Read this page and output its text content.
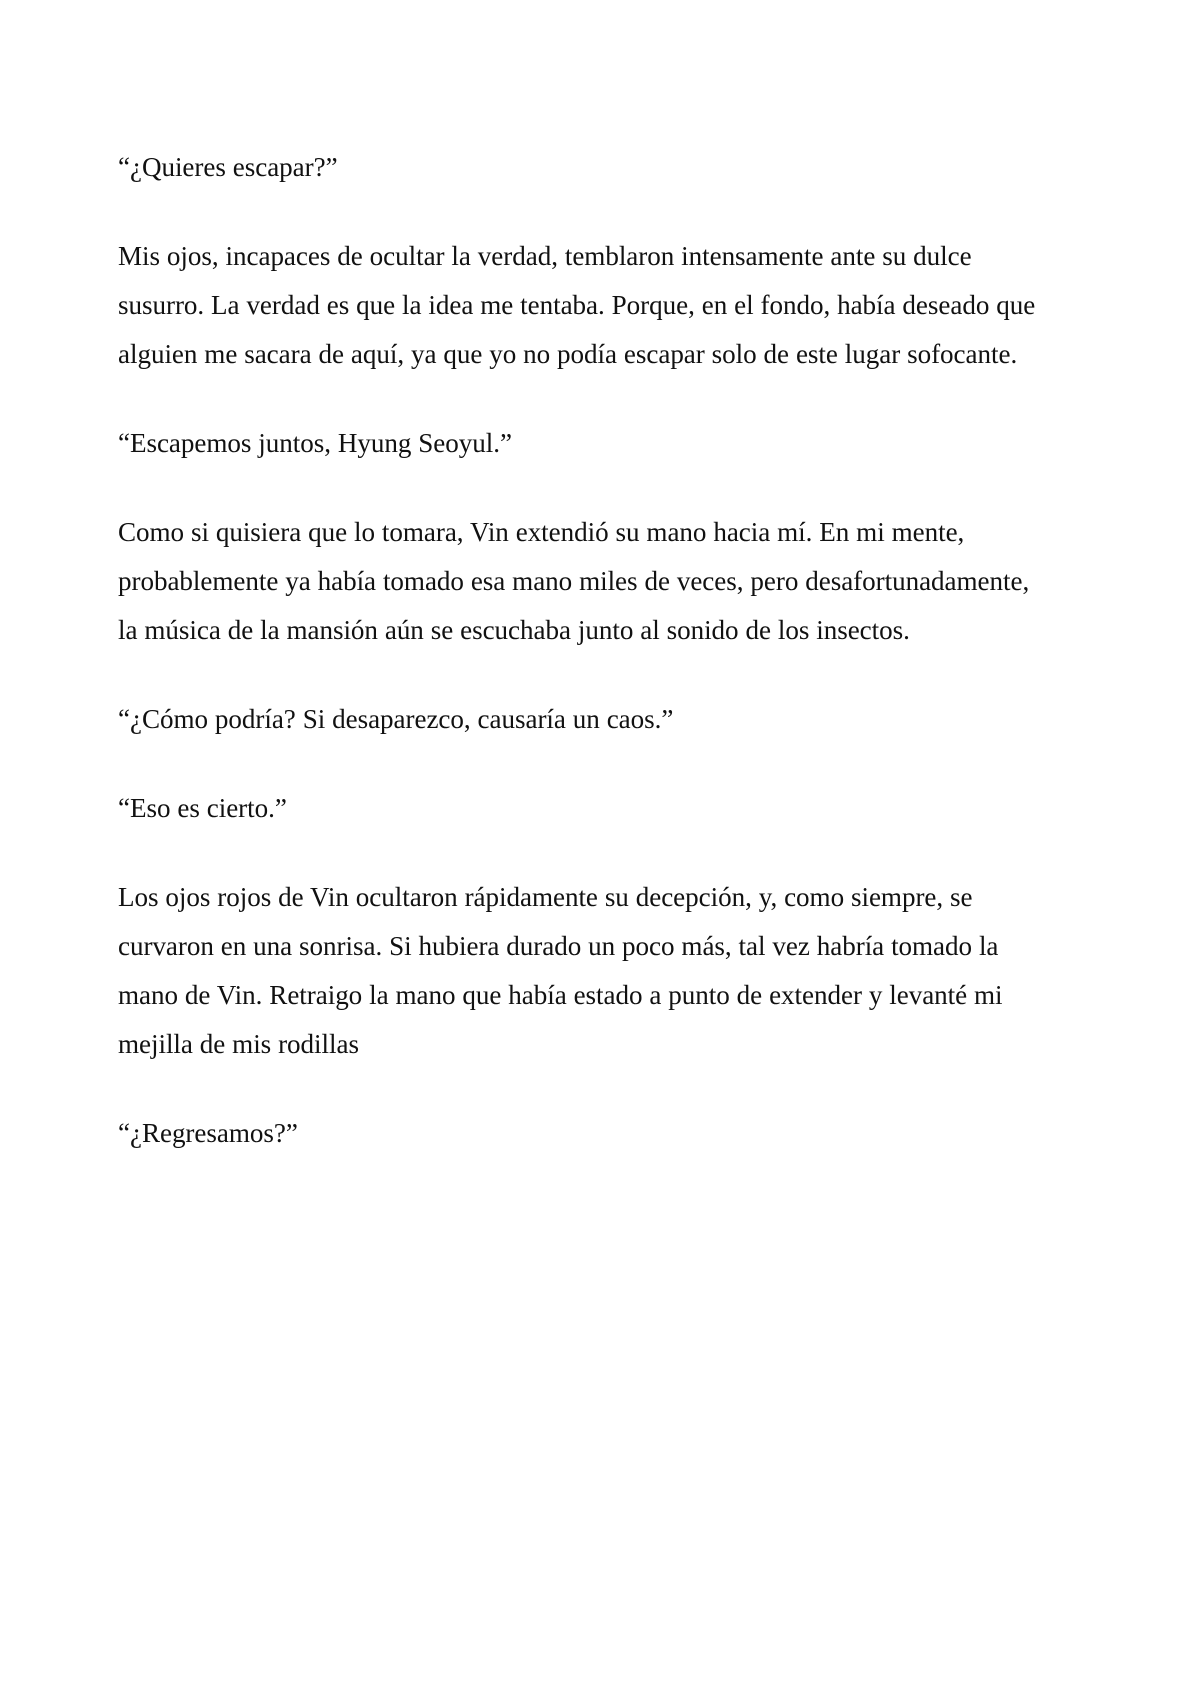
“¿Quieres escapar?”

Mis ojos, incapaces de ocultar la verdad, temblaron intensamente ante su dulce susurro. La verdad es que la idea me tentaba. Porque, en el fondo, había deseado que alguien me sacara de aquí, ya que yo no podía escapar solo de este lugar sofocante.

“Escapemos juntos, Hyung Seoyul.”

Como si quisiera que lo tomara, Vin extendió su mano hacia mí. En mi mente, probablemente ya había tomado esa mano miles de veces, pero desafortunadamente, la música de la mansión aún se escuchaba junto al sonido de los insectos.

“¿Cómo podría? Si desaparezco, causaría un caos.”

“Eso es cierto.”

Los ojos rojos de Vin ocultaron rápidamente su decepción, y, como siempre, se curvaron en una sonrisa. Si hubiera durado un poco más, tal vez habría tomado la mano de Vin. Retraigo la mano que había estado a punto de extender y levanté mi mejilla de mis rodillas

“¿Regresamos?”
